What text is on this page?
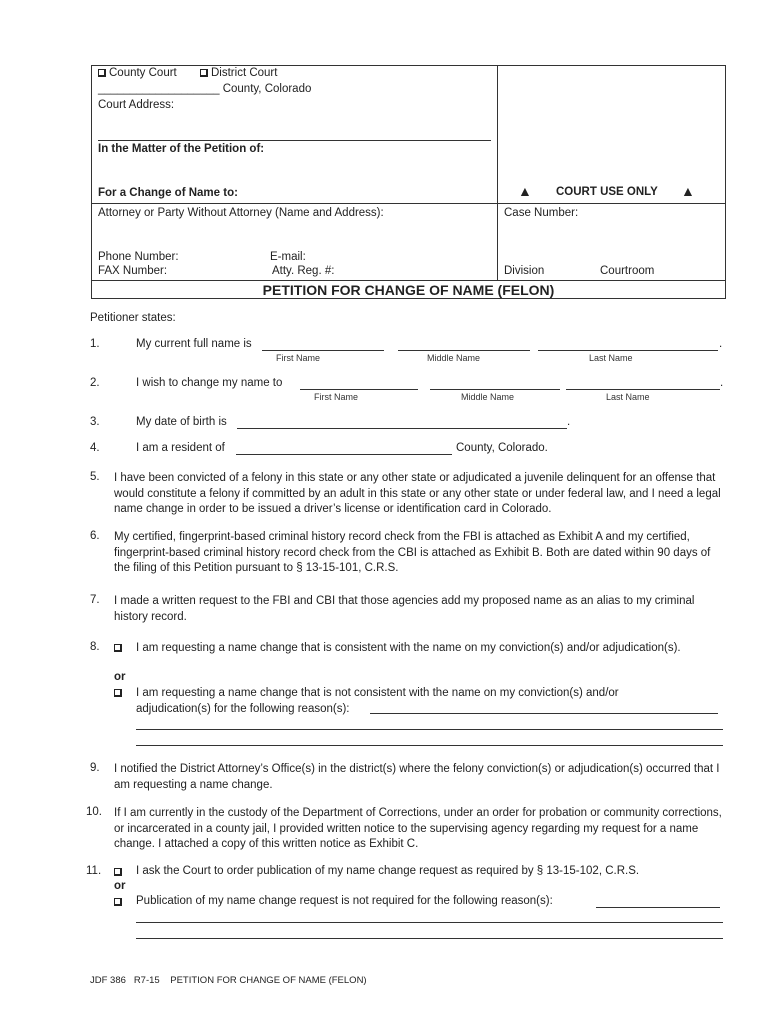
County Court	District Court
___________________ County, Colorado
Court Address:
In the Matter of the Petition of:
For a Change of Name to:	▲ COURT USE ONLY ▲
Attorney or Party Without Attorney (Name and Address):	Case Number:
Phone Number:	E-mail:
FAX Number:	Atty. Reg. #:	Division	Courtroom
PETITION FOR CHANGE OF NAME (FELON)
Petitioner states:
1.	My current full name is	.
First Name	Middle Name	Last Name
2.	I wish to change my name to	.
First Name	Middle Name	Last Name
3.	My date of birth is	.
4.	I am a resident of	County, Colorado.
5. I have been convicted of a felony in this state or any other state or adjudicated a juvenile delinquent for an offense that would constitute a felony if committed by an adult in this state or any other state or under federal law, and I need a legal name change in order to be issued a driver’s license or identification card in Colorado.
6. My certified, fingerprint-based criminal history record check from the FBI is attached as Exhibit A and my certified, fingerprint-based criminal history record check from the CBI is attached as Exhibit B. Both are dated within 90 days of the filing of this Petition pursuant to § 13-15-101, C.R.S.
7. I made a written request to the FBI and CBI that those agencies add my proposed name as an alias to my criminal history record.
8.	I am requesting a name change that is consistent with the name on my conviction(s) and/or adjudication(s).
or
I am requesting a name change that is not consistent with the name on my conviction(s) and/or adjudication(s) for the following reason(s):
9. I notified the District Attorney’s Office(s) in the district(s) where the felony conviction(s) or adjudication(s) occurred that I am requesting a name change.
10. If I am currently in the custody of the Department of Corrections, under an order for probation or community corrections, or incarcerated in a county jail, I provided written notice to the supervising agency regarding my request for a name change. I attached a copy of this written notice as Exhibit C.
11.	I ask the Court to order publication of my name change request as required by § 13-15-102, C.R.S.
or
Publication of my name change request is not required for the following reason(s):
JDF 386   R7-15    PETITION FOR CHANGE OF NAME (FELON)
